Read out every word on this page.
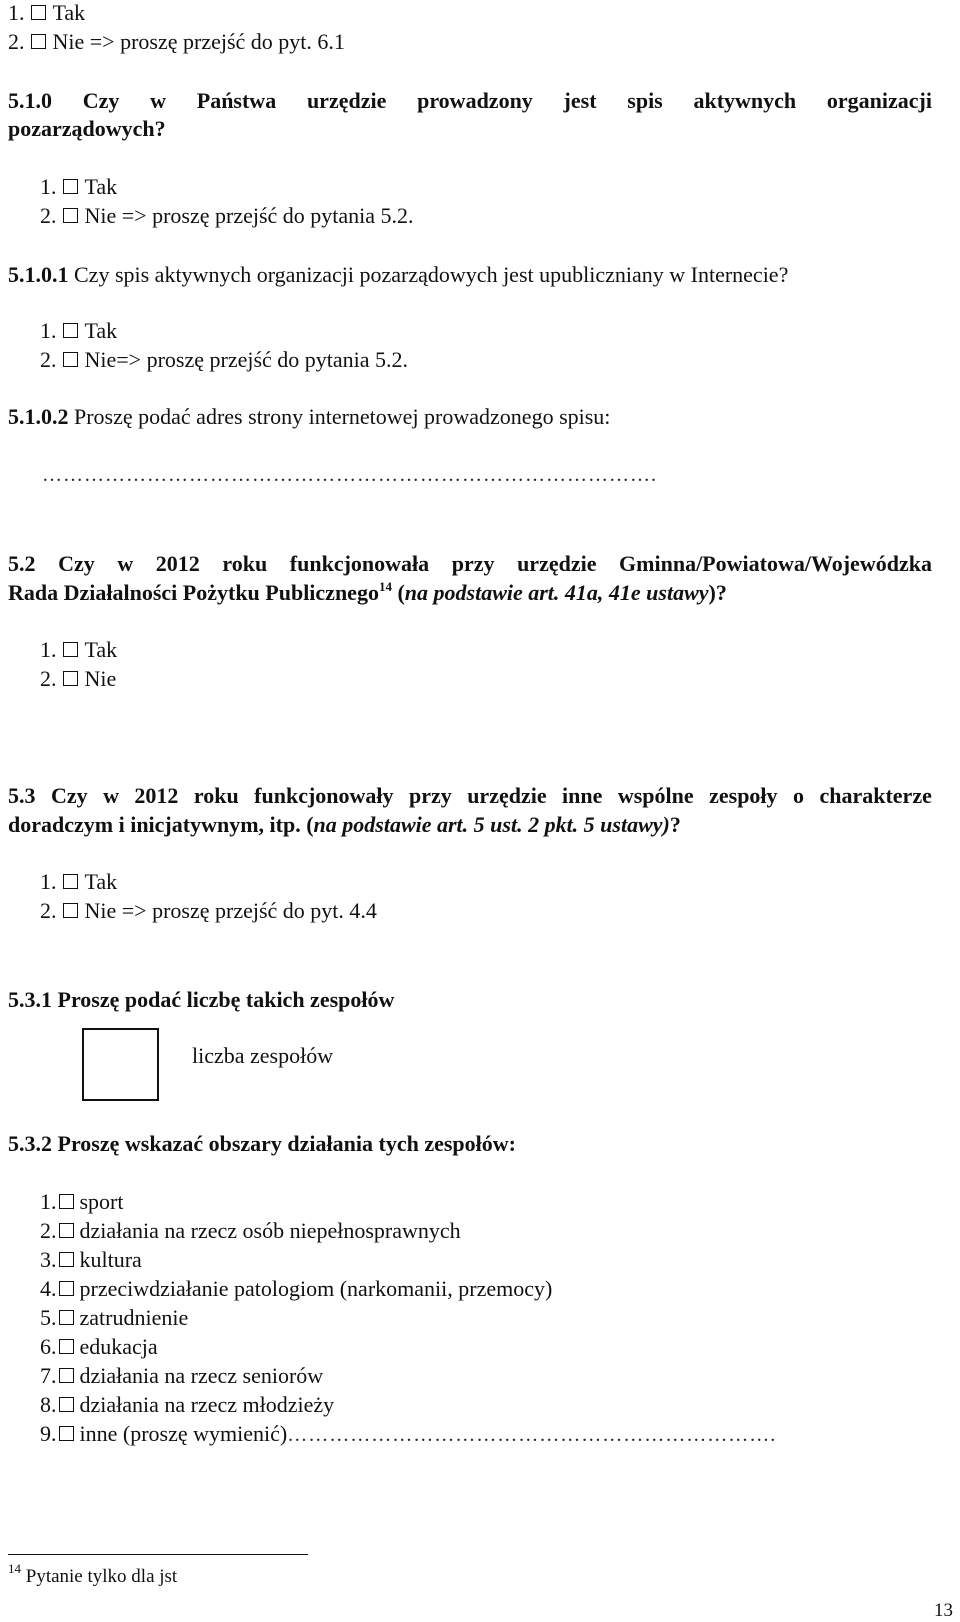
1. Tak
2. Nie => proszę przejść do pyt. 6.1
5.1.0 Czy w Państwa urzędzie prowadzony jest spis aktywnych organizacji
pozarządowych?
1. Tak
2. Nie => proszę przejść do pytania 5.2.
5.1.0.1 Czy spis aktywnych organizacji pozarządowych jest upubliczniany w Internecie?
1. Tak
2. Nie=> proszę przejść do pytania 5.2.
5.1.0.2 Proszę podać adres strony internetowej prowadzonego spisu:
…………………………………………………………………………….
5.2 Czy w 2012 roku funkcjonowała przy urzędzie Gminna/Powiatowa/Wojewódzka
Rada Działalności Pożytku Publicznego$^{14}$ (na podstawie art. 41a, 41e ustawy)?
1. Tak
2. Nie
5.3 Czy w 2012 roku funkcjonowały przy urzędzie inne wspólne zespoły o charakterze
doradczym i inicjatywnym, itp. (na podstawie art. 5 ust. 2 pkt. 5 ustawy)?
1. Tak
2. Nie => proszę przejść do pyt. 4.4
5.3.1 Proszę podać liczbę takich zespołów
liczba zespołów
5.3.2 Proszę wskazać obszary działania tych zespołów:
1. sport
2. działania na rzecz osób niepełnosprawnych
3. kultura
4. przeciwdziałanie patologiom (narkomanii, przemocy)
5. zatrudnienie
6. edukacja
7. działania na rzecz seniorów
8. działania na rzecz młodzieży
9. inne (proszę wymienić)…………………………………………………………….
$^{14}$ Pytanie tylko dla jst
13
